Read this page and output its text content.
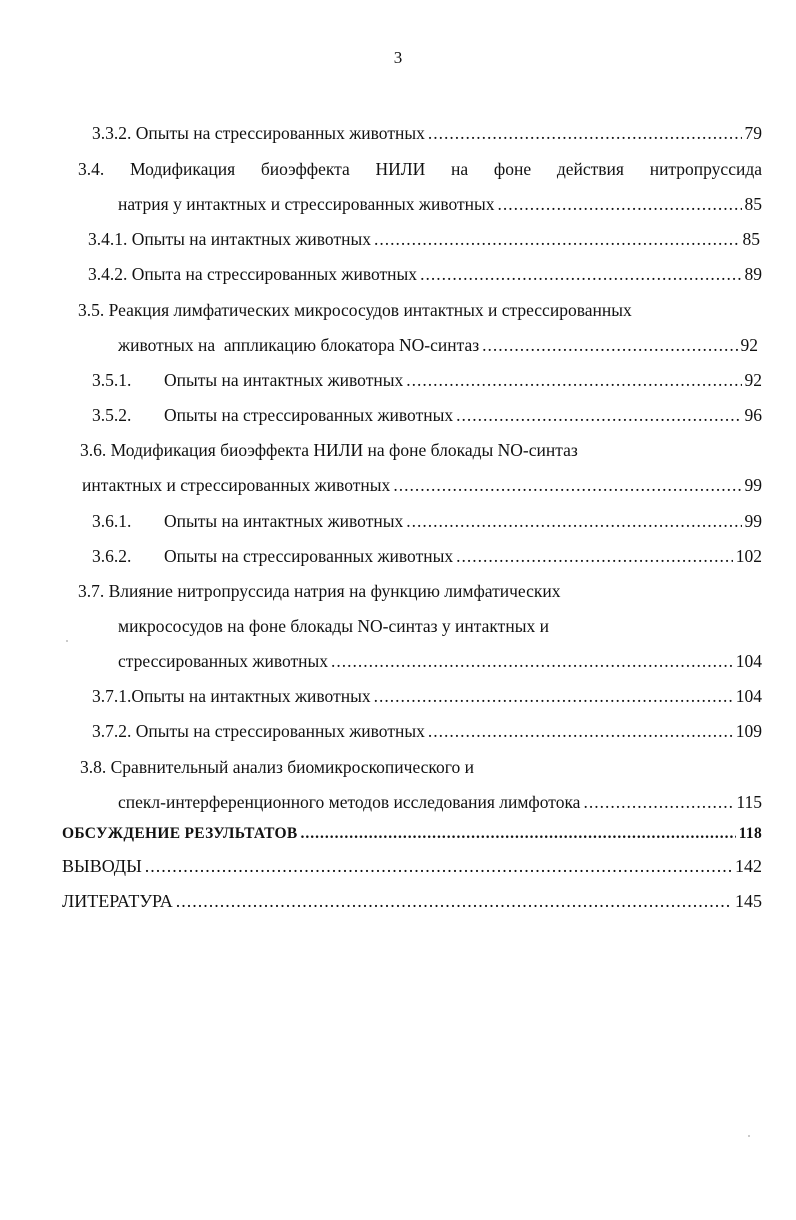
3
3.3.2. Опыты на стрессированных животных .....	79
3.4. Модификация биоэффекта НИЛИ на фоне действия нитропруссида
натрия у интактных и стрессированных животных .....	85
3.4.1. Опыты на интактных животных .....	85
3.4.2. Опыта на стрессированных животных .....	89
3.5. Реакция лимфатических микрососудов интактных и стрессированных
животных на  аппликацию блокатора NO-синтаз .....	92
3.5.1.	Опыты на интактных животных .....	92
3.5.2.	Опыты на стрессированных животных .....	96
3.6. Модификация биоэффекта НИЛИ на фоне блокады NO-синтаз
интактных и стрессированных животных .....	99
3.6.1.	Опыты на интактных животных .....	99
3.6.2.	Опыты на стрессированных животных .....	102
3.7. Влияние нитропруссида натрия на функцию лимфатических
микрососудов на фоне блокады NO-синтаз у интактных и
стрессированных животных .....	104
3.7.1.Опыты на интактных животных .....	104
3.7.2. Опыты на стрессированных животных .....	109
3.8. Сравнительный анализ биомикроскопического и
спекл-интерференционного методов исследования лимфотока .....	115
ОБСУЖДЕНИЕ РЕЗУЛЬТАТОВ .....	118
ВЫВОДЫ .....	142
ЛИТЕРАТУРА .....	145
